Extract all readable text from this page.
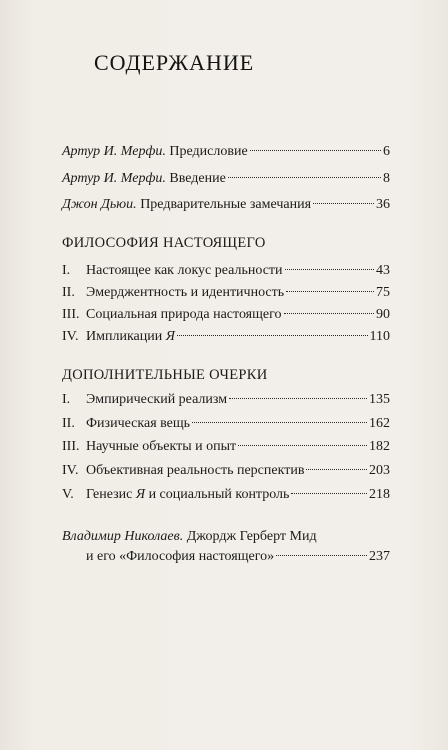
СОДЕРЖАНИЕ
Артур И. Мерфи. Предисловие	6
Артур И. Мерфи. Введение	8
Джон Дьюи. Предварительные замечания	36
ФИЛОСОФИЯ НАСТОЯЩЕГО
I.	Настоящее как локус реальности	43
II. Эмерджентность и идентичность	75
III. Социальная природа настоящего	90
IV. Импликации Я	110
ДОПОЛНИТЕЛЬНЫЕ ОЧЕРКИ
I.	Эмпирический реализм	135
II. Физическая вещь	162
III. Научные объекты и опыт	182
IV. Объективная реальность перспектив	203
V. Генезис Я и социальный контроль	218
Владимир Николаев. Джордж Герберт Мид
и его «Философия настоящего»	237
